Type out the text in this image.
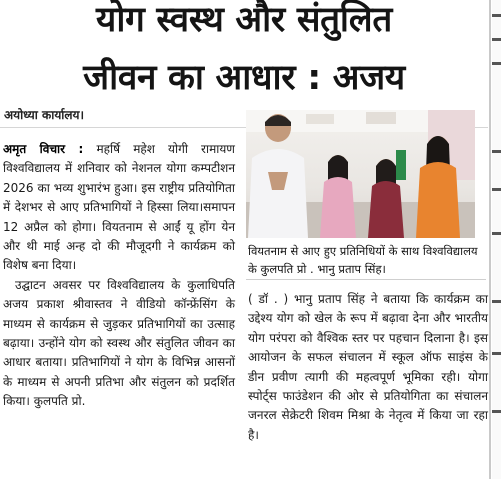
योग स्वस्थ और संतुलित
जीवन का आधार : अजय
अयोध्या कार्यालय।

अमृत विचार : महर्षि महेश योगी रामायण विश्वविद्यालय में शनिवार को नेशनल योगा कम्पटीशन 2026 का भव्य शुभारंभ हुआ। इस राष्ट्रीय प्रतियोगिता में देशभर से आए प्रतिभागियों ने हिस्सा लिया।समापन 12 अप्रैल को होगा। वियतनाम से आईं यू होंग येन और थी माई अन्ह दो की मौजूदगी ने कार्यक्रम को विशेष बना दिया।

उद्घाटन अवसर पर विश्वविद्यालय के कुलाधिपति अजय प्रकाश श्रीवास्तव ने वीडियो कॉन्फ्रेंसिंग के माध्यम से कार्यक्रम से जुड़कर प्रतिभागियों का उत्साह बढ़ाया। उन्होंने योग को स्वस्थ और संतुलित जीवन का आधार बताया। प्रतिभागियों ने योग के विभिन्न आसनों के माध्यम से अपनी प्रतिभा और संतुलन को प्रदर्शित किया। कुलपति प्रो.

वियतनाम से आए हुए प्रतिनिधियों के साथ विश्वविद्यालय के कुलपति प्रो . भानु प्रताप सिंह।

( डॉ . ) भानु प्रताप सिंह ने बताया कि कार्यक्रम का उद्देश्य योग को खेल के रूप में बढ़ावा देना और भारतीय योग परंपरा को वैश्विक स्तर पर पहचान दिलाना है। इस आयोजन के सफल संचालन में स्कूल ऑफ साइंस के डीन प्रवीण त्यागी की महत्वपूर्ण भूमिका रही। योगा स्पोर्ट्स फाउंडेशन की ओर से प्रतियोगिता का संचालन जनरल सेक्रेटरी शिवम मिश्रा के नेतृत्व में किया जा रहा है।
